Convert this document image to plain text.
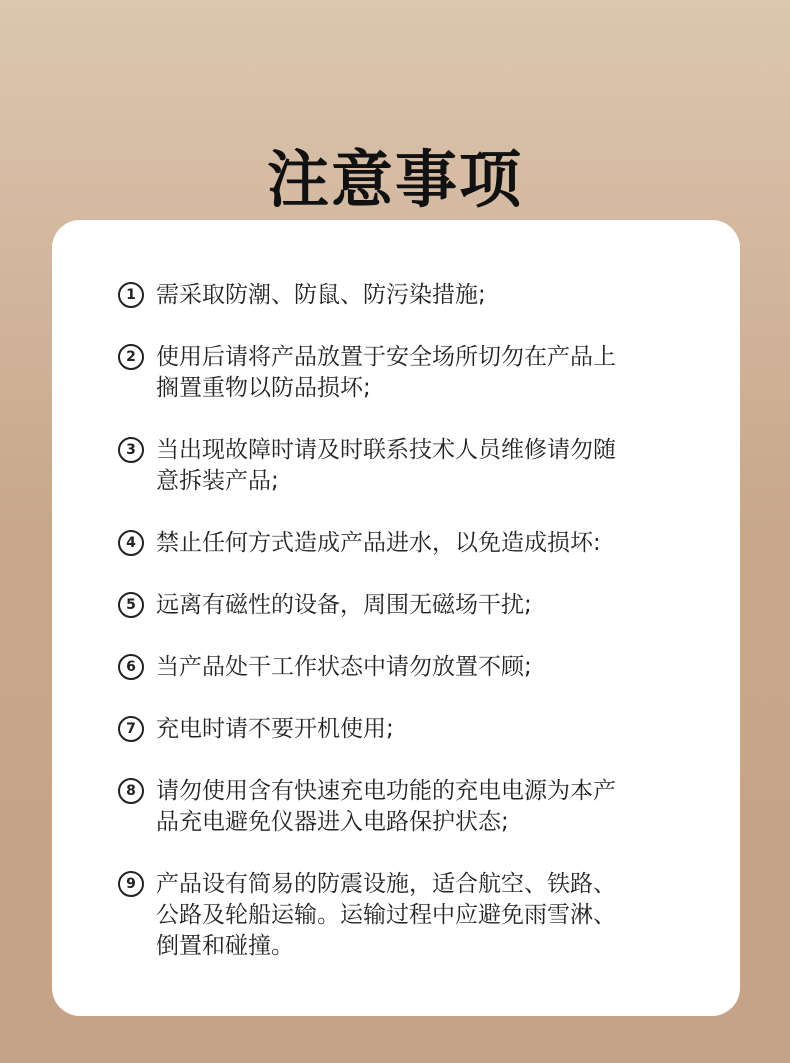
注意事项
1 需采取防潮、防鼠、防污染措施;
2 使用后请将产品放置于安全场所切勿在产品上
搁置重物以防品损坏;
3 当出现故障时请及时联系技术人员维修请勿随
意拆装产品;
4 禁止任何方式造成产品进水，以免造成损坏:
5 远离有磁性的设备，周围无磁场干扰;
6 当产品处干工作状态中请勿放置不顾;
7 充电时请不要开机使用;
8 请勿使用含有快速充电功能的充电电源为本产
品充电避免仪器进入电路保护状态;
9 产品设有简易的防震设施，适合航空、铁路、
公路及轮船运输。运输过程中应避免雨雪淋、
倒置和碰撞。
